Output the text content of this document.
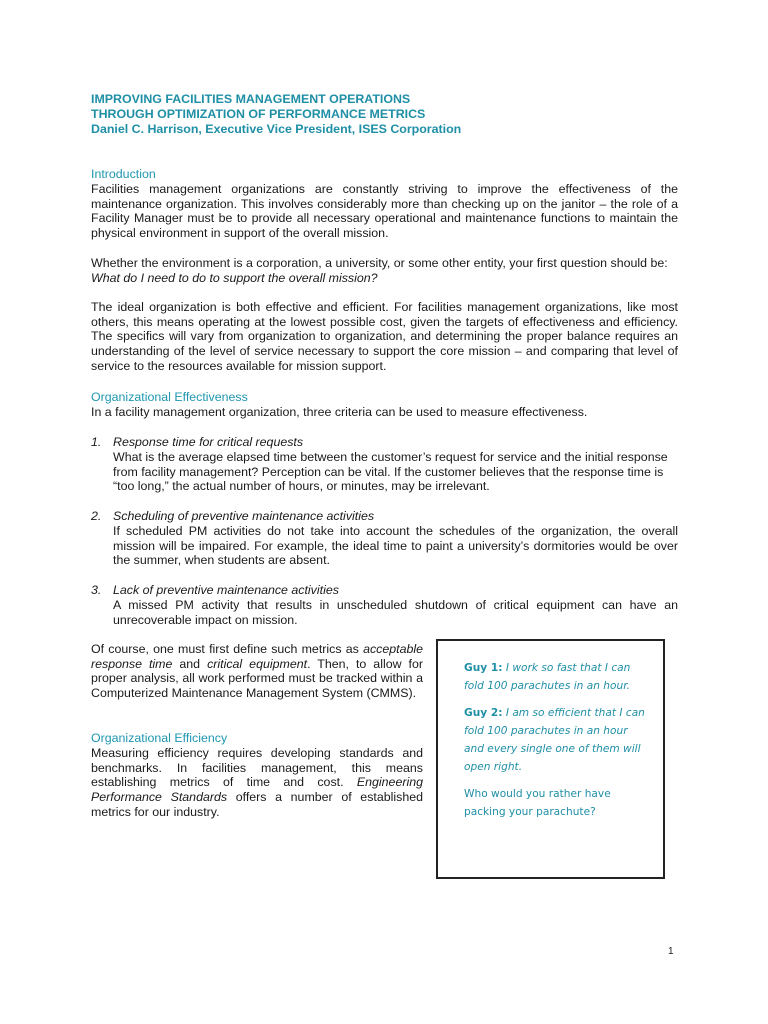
IMPROVING FACILITIES MANAGEMENT OPERATIONS
THROUGH OPTIMIZATION OF PERFORMANCE METRICS
Daniel C. Harrison, Executive Vice President, ISES Corporation
Introduction
Facilities management organizations are constantly striving to improve the effectiveness of the maintenance organization. This involves considerably more than checking up on the janitor – the role of a Facility Manager must be to provide all necessary operational and maintenance functions to maintain the physical environment in support of the overall mission.
Whether the environment is a corporation, a university, or some other entity, your first question should be:
What do I need to do to support the overall mission?
The ideal organization is both effective and efficient. For facilities management organizations, like most others, this means operating at the lowest possible cost, given the targets of effectiveness and efficiency. The specifics will vary from organization to organization, and determining the proper balance requires an understanding of the level of service necessary to support the core mission – and comparing that level of service to the resources available for mission support.
Organizational Effectiveness
In a facility management organization, three criteria can be used to measure effectiveness.
1. Response time for critical requests
What is the average elapsed time between the customer’s request for service and the initial response from facility management? Perception can be vital. If the customer believes that the response time is “too long,” the actual number of hours, or minutes, may be irrelevant.
2. Scheduling of preventive maintenance activities
If scheduled PM activities do not take into account the schedules of the organization, the overall mission will be impaired. For example, the ideal time to paint a university’s dormitories would be over the summer, when students are absent.
3. Lack of preventive maintenance activities
A missed PM activity that results in unscheduled shutdown of critical equipment can have an unrecoverable impact on mission.
Of course, one must first define such metrics as acceptable response time and critical equipment. Then, to allow for proper analysis, all work performed must be tracked within a Computerized Maintenance Management System (CMMS).
Organizational Efficiency
Measuring efficiency requires developing standards and benchmarks. In facilities management, this means establishing metrics of time and cost. Engineering Performance Standards offers a number of established metrics for our industry.

Guy 1: I work so fast that I can fold 100 parachutes in an hour.

Guy 2: I am so efficient that I can fold 100 parachutes in an hour and every single one of them will open right.

Who would you rather have packing your parachute?

1
